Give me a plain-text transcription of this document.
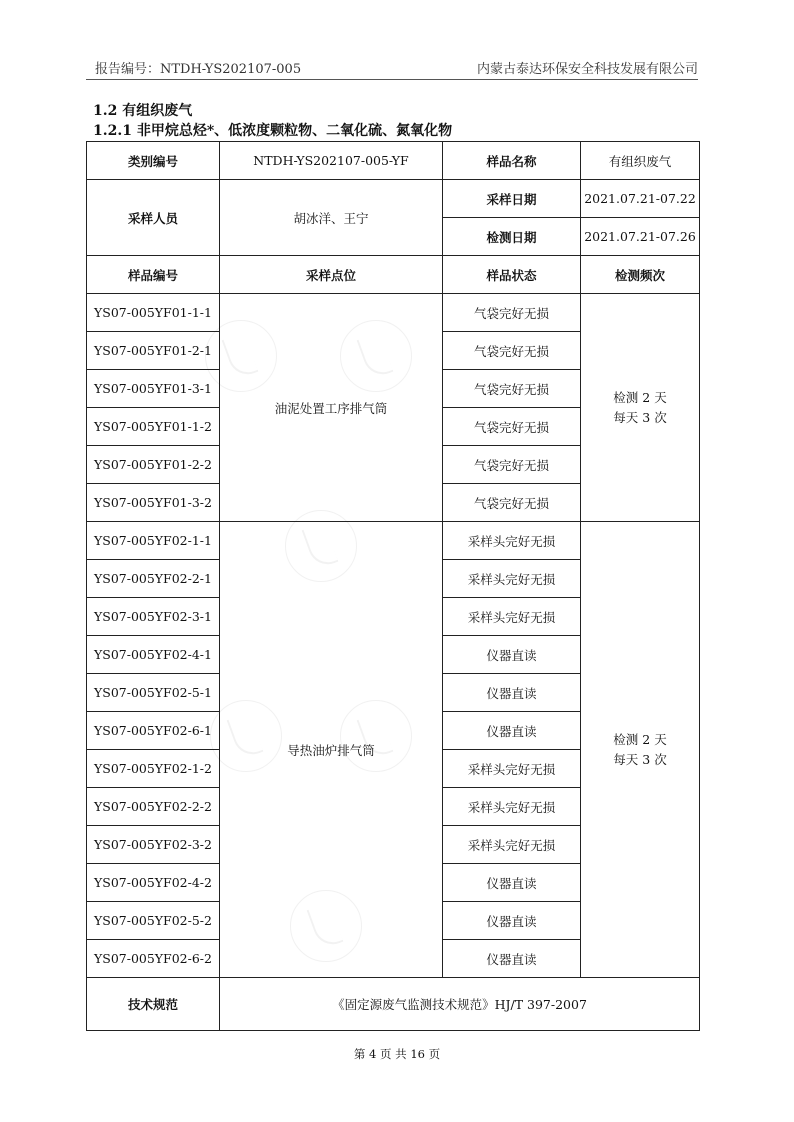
报告编号：NTDH-YS202107-005	内蒙古泰达环保安全科技发展有限公司
1.2 有组织废气
1.2.1 非甲烷总烃*、低浓度颗粒物、二氧化硫、氮氧化物
类别编号	NTDH-YS202107-005-YF	样品名称	有组织废气
采样人员	胡冰洋、王宁	采样日期	2021.07.21-07.22
		检测日期	2021.07.21-07.26
样品编号	采样点位	样品状态	检测频次
YS07-005YF01-1-1	油泥处置工序排气筒	气袋完好无损	检测 2 天
每天 3 次
YS07-005YF01-2-1		气袋完好无损	
YS07-005YF01-3-1		气袋完好无损	
YS07-005YF01-1-2		气袋完好无损	
YS07-005YF01-2-2		气袋完好无损	
YS07-005YF01-3-2		气袋完好无损	
YS07-005YF02-1-1	导热油炉排气筒	采样头完好无损	检测 2 天
每天 3 次
YS07-005YF02-2-1		采样头完好无损	
YS07-005YF02-3-1		采样头完好无损	
YS07-005YF02-4-1		仪器直读	
YS07-005YF02-5-1		仪器直读	
YS07-005YF02-6-1		仪器直读	
YS07-005YF02-1-2		采样头完好无损	
YS07-005YF02-2-2		采样头完好无损	
YS07-005YF02-3-2		采样头完好无损	
YS07-005YF02-4-2		仪器直读	
YS07-005YF02-5-2		仪器直读	
YS07-005YF02-6-2		仪器直读	
技术规范	《固定源废气监测技术规范》HJ/T 397-2007		
第 4 页 共 16 页
